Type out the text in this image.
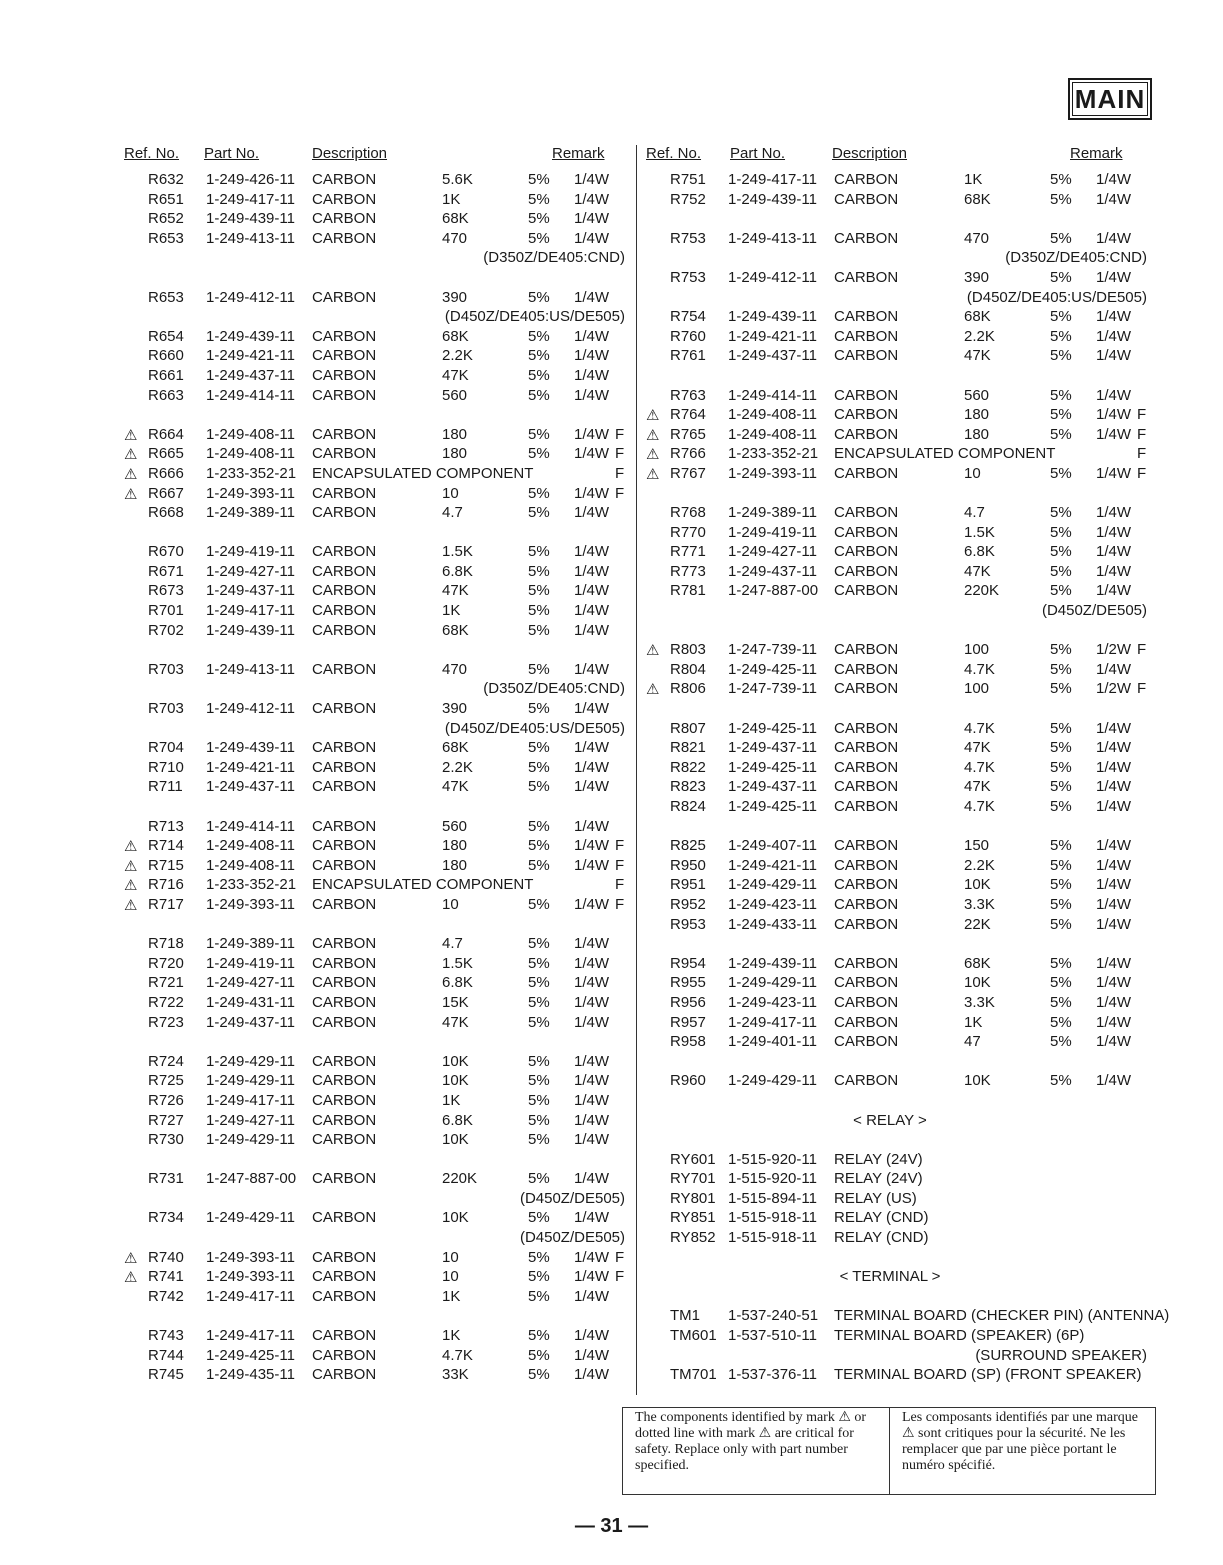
MAIN
Ref. No. Part No.	Description	Remark
R632 1-249-426-11 CARBON	5.6K	5% 1/4W
R651 1-249-417-11 CARBON	1K	5% 1/4W
R652 1-249-439-11 CARBON	68K	5% 1/4W
R653 1-249-413-11 CARBON	470	5% 1/4W
(D350Z/DE405:CND)
R653 1-249-412-11 CARBON	390	5% 1/4W
(D450Z/DE405:US/DE505)
R654 1-249-439-11 CARBON	68K	5% 1/4W
R660 1-249-421-11 CARBON	2.2K	5% 1/4W
R661 1-249-437-11 CARBON	47K	5% 1/4W
R663 1-249-414-11 CARBON	560	5% 1/4W
⚠ R664 1-249-408-11 CARBON	180	5% 1/4W F
⚠ R665 1-249-408-11 CARBON	180	5% 1/4W F
⚠ R666 1-233-352-21 ENCAPSULATED COMPONENT	F
⚠ R667 1-249-393-11 CARBON	10	5% 1/4W F
R668 1-249-389-11 CARBON	4.7	5% 1/4W
R670 1-249-419-11 CARBON	1.5K	5% 1/4W
R671 1-249-427-11 CARBON	6.8K	5% 1/4W
R673 1-249-437-11 CARBON	47K	5% 1/4W
R701 1-249-417-11 CARBON	1K	5% 1/4W
R702 1-249-439-11 CARBON	68K	5% 1/4W
R703 1-249-413-11 CARBON	470	5% 1/4W
(D350Z/DE405:CND)
R703 1-249-412-11 CARBON	390	5% 1/4W
(D450Z/DE405:US/DE505)
R704 1-249-439-11 CARBON	68K	5% 1/4W
R710 1-249-421-11 CARBON	2.2K	5% 1/4W
R711 1-249-437-11 CARBON	47K	5% 1/4W
R713 1-249-414-11 CARBON	560	5% 1/4W
⚠ R714 1-249-408-11 CARBON	180	5% 1/4W F
⚠ R715 1-249-408-11 CARBON	180	5% 1/4W F
⚠ R716 1-233-352-21 ENCAPSULATED COMPONENT	F
⚠ R717 1-249-393-11 CARBON	10	5% 1/4W F
R718 1-249-389-11 CARBON	4.7	5% 1/4W
R720 1-249-419-11 CARBON	1.5K	5% 1/4W
R721 1-249-427-11 CARBON	6.8K	5% 1/4W
R722 1-249-431-11 CARBON	15K	5% 1/4W
R723 1-249-437-11 CARBON	47K	5% 1/4W
R724 1-249-429-11 CARBON	10K	5% 1/4W
R725 1-249-429-11 CARBON	10K	5% 1/4W
R726 1-249-417-11 CARBON	1K	5% 1/4W
R727 1-249-427-11 CARBON	6.8K	5% 1/4W
R730 1-249-429-11 CARBON	10K	5% 1/4W
R731 1-247-887-00 CARBON	220K	5% 1/4W
(D450Z/DE505)
R734 1-249-429-11 CARBON	10K	5% 1/4W
(D450Z/DE505)
⚠ R740 1-249-393-11 CARBON	10	5% 1/4W F
⚠ R741 1-249-393-11 CARBON	10	5% 1/4W F
R742 1-249-417-11 CARBON	1K	5% 1/4W
R743 1-249-417-11 CARBON	1K	5% 1/4W
R744 1-249-425-11 CARBON	4.7K	5% 1/4W
R745 1-249-435-11 CARBON	33K	5% 1/4W
Ref. No. Part No.	Description	Remark
R751 1-249-417-11 CARBON	1K	5% 1/4W
R752 1-249-439-11 CARBON	68K	5% 1/4W
R753 1-249-413-11 CARBON	470	5% 1/4W
(D350Z/DE405:CND)
R753 1-249-412-11 CARBON	390	5% 1/4W
(D450Z/DE405:US/DE505)
R754 1-249-439-11 CARBON	68K	5% 1/4W
R760 1-249-421-11 CARBON	2.2K	5% 1/4W
R761 1-249-437-11 CARBON	47K	5% 1/4W
R763 1-249-414-11 CARBON	560	5% 1/4W
⚠ R764 1-249-408-11 CARBON	180	5% 1/4W F
⚠ R765 1-249-408-11 CARBON	180	5% 1/4W F
⚠ R766 1-233-352-21 ENCAPSULATED COMPONENT	F
⚠ R767 1-249-393-11 CARBON	10	5% 1/4W F
R768 1-249-389-11 CARBON	4.7	5% 1/4W
R770 1-249-419-11 CARBON	1.5K	5% 1/4W
R771 1-249-427-11 CARBON	6.8K	5% 1/4W
R773 1-249-437-11 CARBON	47K	5% 1/4W
R781 1-247-887-00 CARBON	220K	5% 1/4W
(D450Z/DE505)
⚠ R803 1-247-739-11 CARBON	100	5% 1/2W F
R804 1-249-425-11 CARBON	4.7K	5% 1/4W
⚠ R806 1-247-739-11 CARBON	100	5% 1/2W F
R807 1-249-425-11 CARBON	4.7K	5% 1/4W
R821 1-249-437-11 CARBON	47K	5% 1/4W
R822 1-249-425-11 CARBON	4.7K	5% 1/4W
R823 1-249-437-11 CARBON	47K	5% 1/4W
R824 1-249-425-11 CARBON	4.7K	5% 1/4W
R825 1-249-407-11 CARBON	150	5% 1/4W
R950 1-249-421-11 CARBON	2.2K	5% 1/4W
R951 1-249-429-11 CARBON	10K	5% 1/4W
R952 1-249-423-11 CARBON	3.3K	5% 1/4W
R953 1-249-433-11 CARBON	22K	5% 1/4W
R954 1-249-439-11 CARBON	68K	5% 1/4W
R955 1-249-429-11 CARBON	10K	5% 1/4W
R956 1-249-423-11 CARBON	3.3K	5% 1/4W
R957 1-249-417-11 CARBON	1K	5% 1/4W
R958 1-249-401-11 CARBON	47	5% 1/4W
R960 1-249-429-11 CARBON	10K	5% 1/4W
< RELAY >
RY601 1-515-920-11 RELAY (24V)
RY701 1-515-920-11 RELAY (24V)
RY801 1-515-894-11 RELAY (US)
RY851 1-515-918-11 RELAY (CND)
RY852 1-515-918-11 RELAY (CND)
< TERMINAL >
TM1 1-537-240-51 TERMINAL BOARD (CHECKER PIN) (ANTENNA)
TM601 1-537-510-11 TERMINAL BOARD (SPEAKER) (6P)
(SURROUND SPEAKER)
TM701 1-537-376-11 TERMINAL BOARD (SP) (FRONT SPEAKER)
The components identified by mark ⚠ or dotted line with mark ⚠ are critical for safety. Replace only with part number specified.
Les composants identifiés par une marque ⚠ sont critiques pour la sécurité. Ne les remplacer que par une pièce portant le numéro spécifié.
— 31 —
